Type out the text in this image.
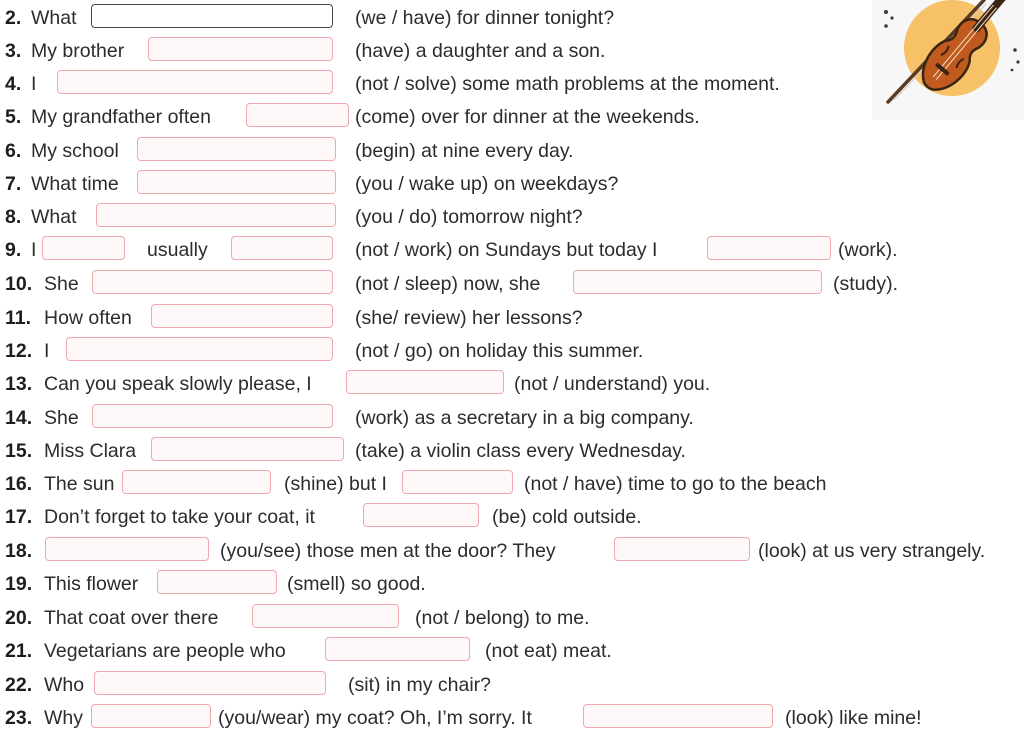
2. What	(we / have) for dinner tonight?
3. My brother	(have) a daughter and a son.
4. I	(not / solve) some math problems at the moment.
5. My grandfather often	(come) over for dinner at the weekends.
6. My school	(begin) at nine every day.
7. What time	(you / wake up) on weekdays?
8. What	(you / do) tomorrow night?
9. I	usually	(not / work) on Sundays but today I	(work).
10. She	(not / sleep) now, she	(study).
11. How often	(she/ review) her lessons?
12. I	(not / go) on holiday this summer.
13. Can you speak slowly please, I	(not / understand) you.
14. She	(work) as a secretary in a big company.
15. Miss Clara	(take) a violin class every Wednesday.
16. The sun	(shine) but I	(not / have) time to go to the beach
17. Don’t forget to take your coat, it	(be) cold outside.
18.	(you/see) those men at the door? They	(look) at us very strangely.
19. This flower	(smell) so good.
20. That coat over there	(not / belong) to me.
21. Vegetarians are people who	(not eat) meat.
22. Who	(sit) in my chair?
23. Why	(you/wear) my coat? Oh, I’m sorry. It	(look) like mine!
